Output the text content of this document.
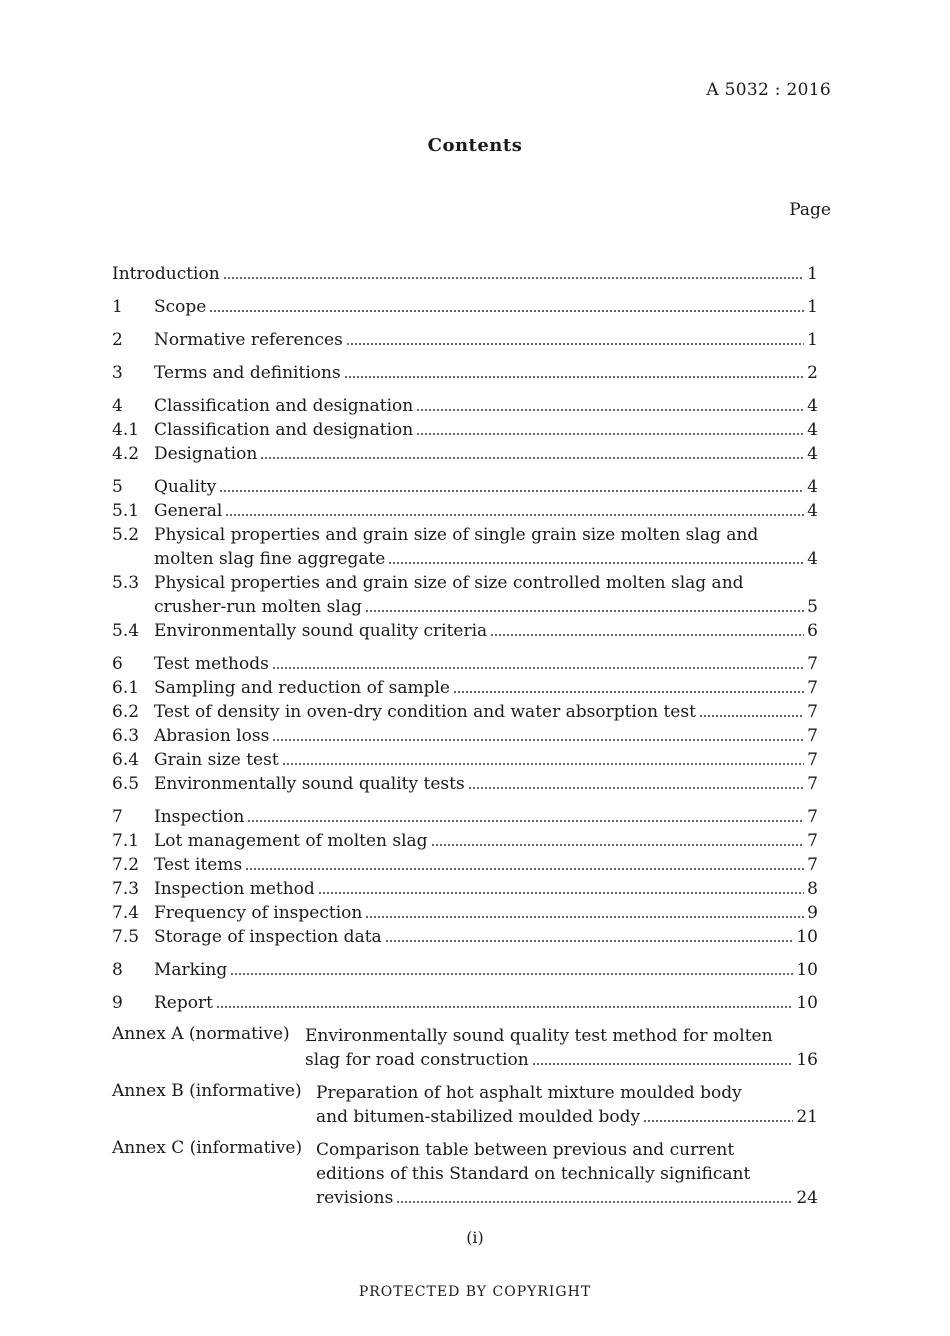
A 5032 : 2016
Contents
Page
Introduction	1
1 Scope	1
2 Normative references	1
3 Terms and definitions	2
4 Classification and designation	4
4.1 Classification and designation	4
4.2 Designation	4
5 Quality	4
5.1 General	4
5.2 Physical properties and grain size of single grain size molten slag and
molten slag fine aggregate	4
5.3 Physical properties and grain size of size controlled molten slag and
crusher-run molten slag	5
5.4 Environmentally sound quality criteria	6
6 Test methods	7
6.1 Sampling and reduction of sample	7
6.2 Test of density in oven-dry condition and water absorption test	7
6.3 Abrasion loss	7
6.4 Grain size test	7
6.5 Environmentally sound quality tests	7
7 Inspection	7
7.1 Lot management of molten slag	7
7.2 Test items	7
7.3 Inspection method	8
7.4 Frequency of inspection	9
7.5 Storage of inspection data	10
8 Marking	10
9 Report	10
Annex A (normative) Environmentally sound quality test method for molten
slag for road construction	16
Annex B (informative) Preparation of hot asphalt mixture moulded body
and bitumen-stabilized moulded body	21
Annex C (informative) Comparison table between previous and current
editions of this Standard on technically significant
revisions	24
(i)
PROTECTED BY COPYRIGHT
